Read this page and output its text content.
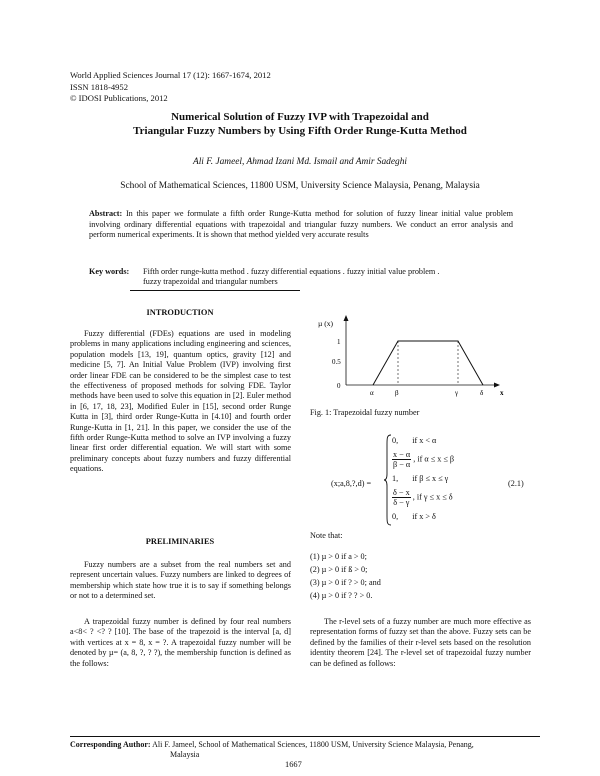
World Applied Sciences Journal 17 (12): 1667-1674, 2012
ISSN 1818-4952
© IDOSI Publications, 2012
Numerical Solution of Fuzzy IVP with Trapezoidal and
Triangular Fuzzy Numbers by Using Fifth Order Runge-Kutta Method
Ali F. Jameel, Ahmad Izani Md. Ismail and Amir Sadeghi
School of Mathematical Sciences, 11800 USM, University Science Malaysia, Penang, Malaysia
Abstract: In this paper we formulate a fifth order Runge-Kutta method for solution of fuzzy linear initial value problem involving ordinary differential equations with trapezoidal and triangular fuzzy numbers. We conduct an error analysis and perform numerical experiments. It is shown that method yielded very accurate results
Key words: Fifth order runge-kutta method . fuzzy differential equations . fuzzy initial value problem .
fuzzy trapezoidal and triangular numbers
INTRODUCTION
Fuzzy differential (FDEs) equations are used in modeling problems in many applications including engineering and sciences, population models [13, 19], quantum optics, gravity [12] and medicine [5, 7]. An Initial Value Problem (IVP) involving first order linear FDE can be considered to be the simplest case to test the effectiveness of proposed methods for solving FDE. Taylor methods have been used to solve this equation in [2]. Euler method in [6, 17, 18, 23], Modified Euler in [15], second order Runge Kutta in [3], third order Runge-Kutta in [4.10] and fourth order Runge-Kutta in [1, 21]. In this paper, we consider the use of the fifth order Runge-Kutta method to solve an IVP involving a fuzzy linear first order differential equation. We will start with some preliminary concepts about fuzzy numbers and fuzzy differential equations.
PRELIMINARIES
Fuzzy numbers are a subset from the real numbers set and represent uncertain values. Fuzzy numbers are linked to degrees of membership which state how true it is to say if something belongs or not to a determined set.
A trapezoidal fuzzy number is defined by four real numbers a<8< ? <? ? [10]. The base of the trapezoid is the interval [a, d] with vertices at x = 8, x = ?. A trapezoidal fuzzy number will be denoted by µ= (a, 8, ?, ? ?), the membership function is defined as the follows:
µ (x)
1
0.5
0
α	β	γ	δ x
Fig. 1: Trapezoidal fuzzy number
(x;a,8,?,d) =
0, if x < α
$\frac{x - \alpha}{\beta - \alpha}$ , if α ≤ x ≤ β
1, if β ≤ x ≤ γ
$\frac{\delta - x}{\delta - \gamma}$ , if γ ≤ x ≤ δ
0, if x > δ
(2.1)
Note that:
(1) µ > 0 if a > 0;
(2) µ > 0 if ß > 0;
(3) µ > 0 if ? > 0; and
(4) µ > 0 if ? ? > 0.
The r-level sets of a fuzzy number are much more effective as representation forms of fuzzy set than the above. Fuzzy sets can be defined by the families of their r-level sets based on the resolution identity theorem [24]. The r-level set of trapezoidal fuzzy number can be defined as follows:
Corresponding Author: Ali F. Jameel, School of Mathematical Sciences, 11800 USM, University Science Malaysia, Penang,
Malaysia
1667
